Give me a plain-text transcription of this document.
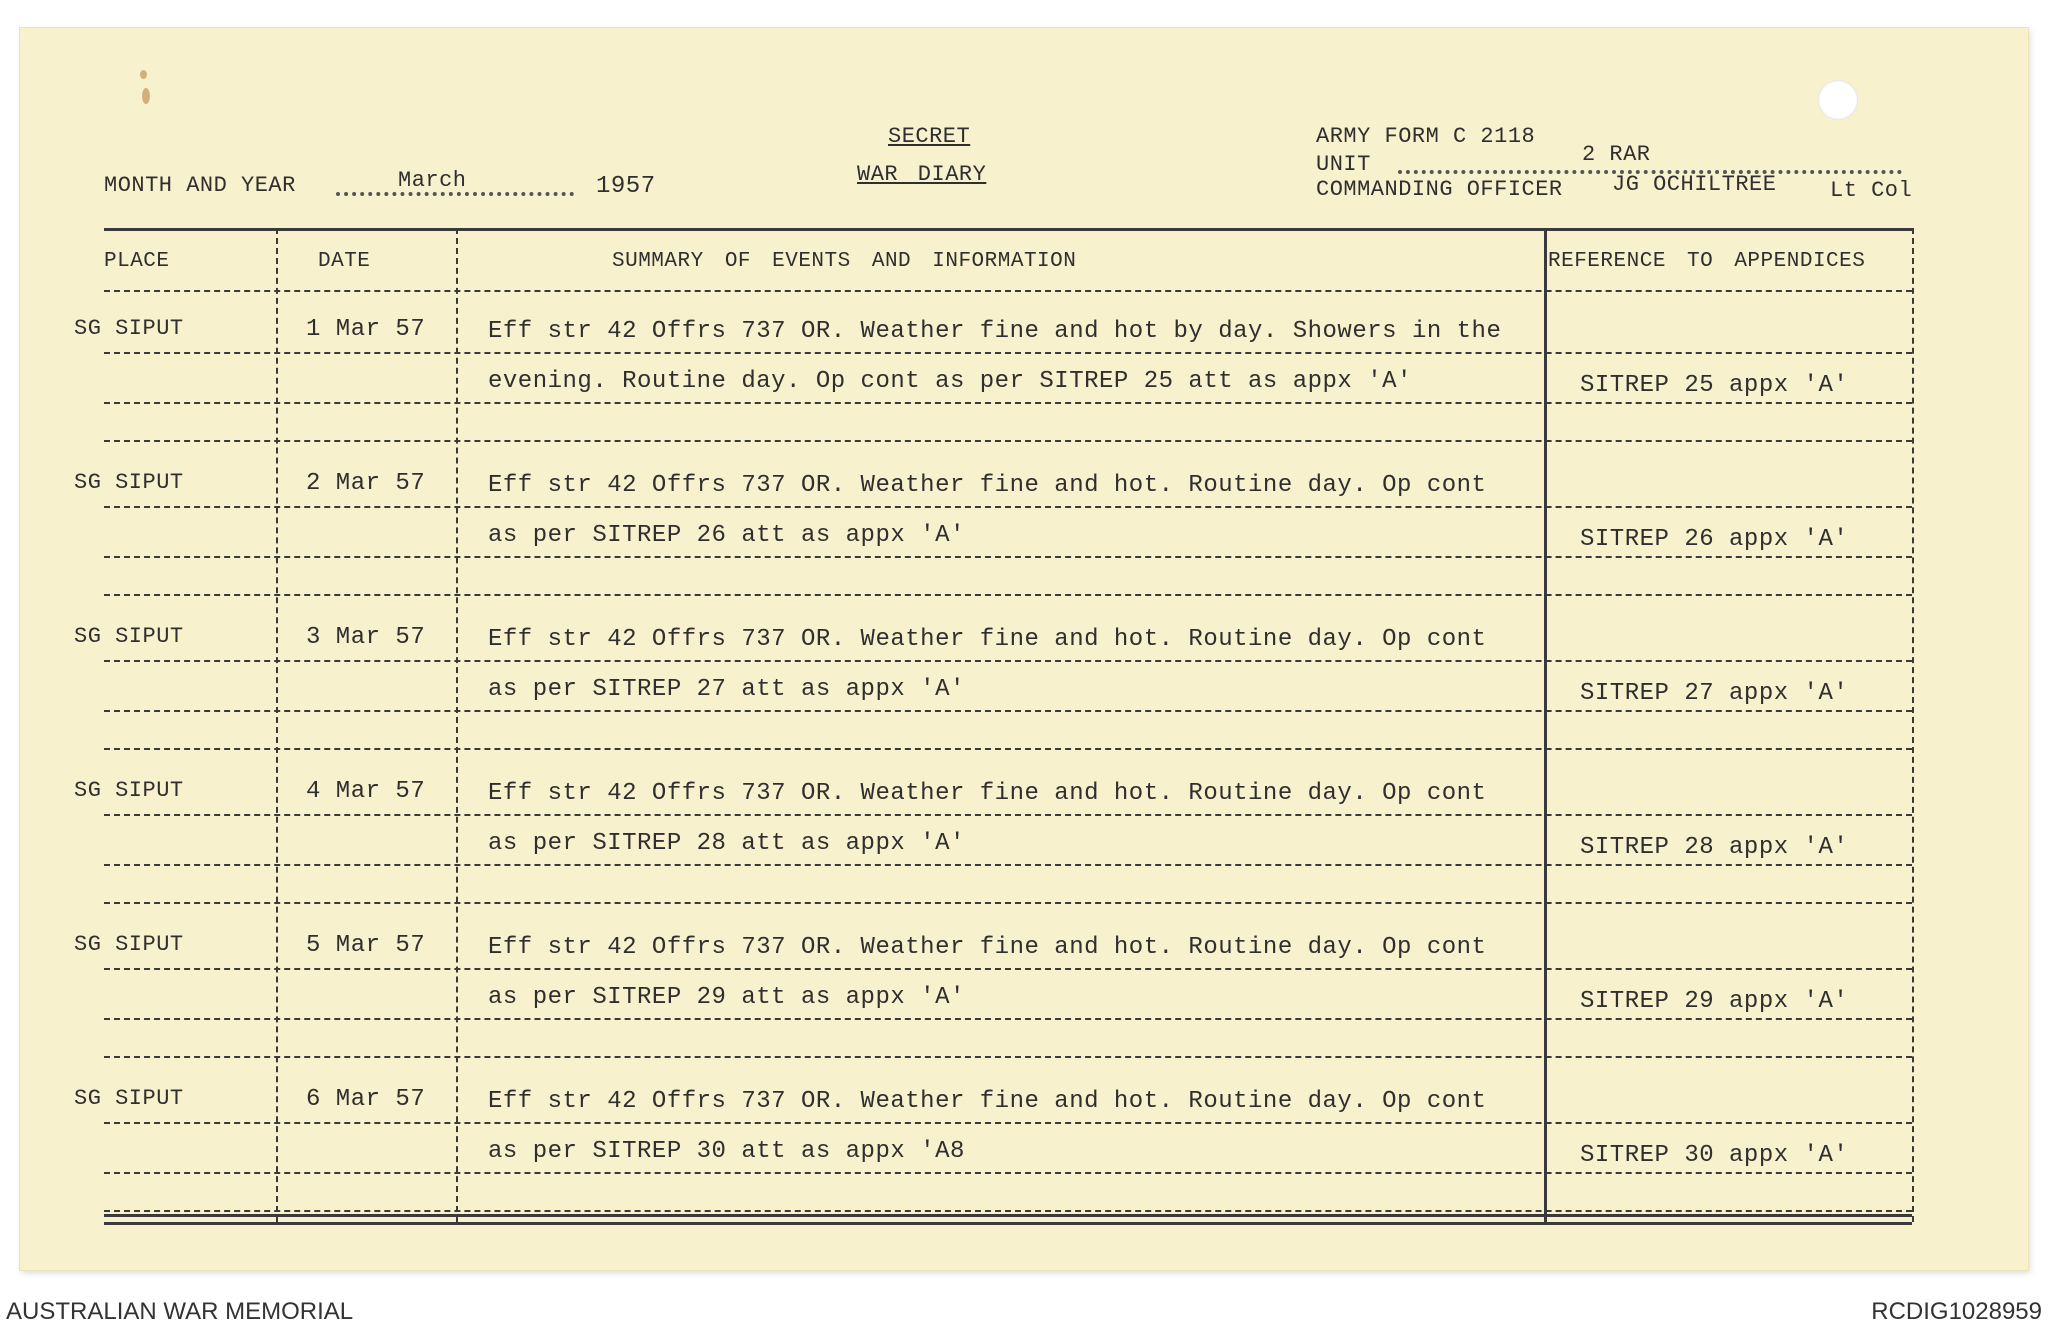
SECRET
WAR DIARY
MONTH AND YEAR	March	1957
ARMY FORM C 2118
UNIT	2 RAR
COMMANDING OFFICER JG OCHILTREE Lt Col
PLACE	DATE	SUMMARY OF EVENTS AND INFORMATION	REFERENCE TO APPENDICES
SG SIPUT	1 Mar 57	Eff str 42 Offrs 737 OR. Weather fine and hot by day. Showers in the
evening. Routine day. Op cont as per SITREP 25 att as appx 'A'	SITREP 25 appx 'A'
SG SIPUT	2 Mar 57	Eff str 42 Offrs 737 OR. Weather fine and hot. Routine day. Op cont
as per SITREP 26 att as appx 'A'	SITREP 26 appx 'A'
SG SIPUT	3 Mar 57	Eff str 42 Offrs 737 OR. Weather fine and hot. Routine day. Op cont
as per SITREP 27 att as appx 'A'	SITREP 27 appx 'A'
SG SIPUT	4 Mar 57	Eff str 42 Offrs 737 OR. Weather fine and hot. Routine day. Op cont
as per SITREP 28 att as appx 'A'	SITREP 28 appx 'A'
SG SIPUT	5 Mar 57	Eff str 42 Offrs 737 OR. Weather fine and hot. Routine day. Op cont
as per SITREP 29 att as appx 'A'	SITREP 29 appx 'A'
SG SIPUT	6 Mar 57	Eff str 42 Offrs 737 OR. Weather fine and hot. Routine day. Op cont
as per SITREP 30 att as appx 'A8	SITREP 30 appx 'A'
AUSTRALIAN WAR MEMORIAL	RCDIG1028959
